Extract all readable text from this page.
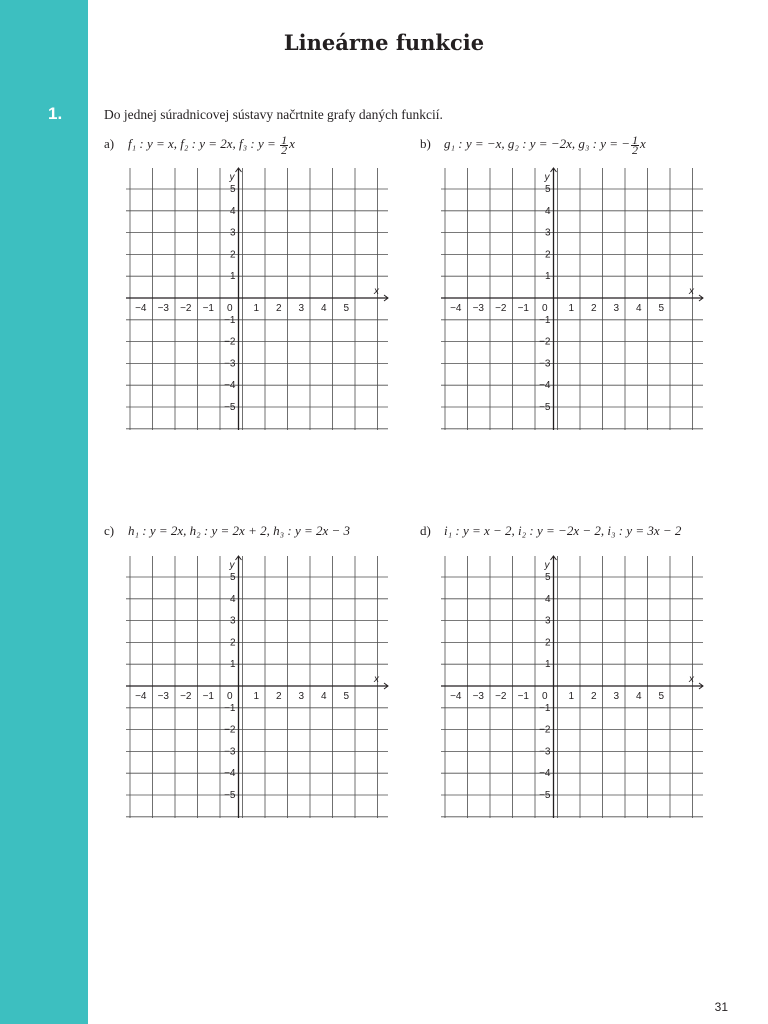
Lineárne funkcie
1.	Do jednej súradnicovej sústavy načrtnite grafy daných funkcií.
a) f₁ : y = x, f₂ : y = 2x, f₃ : $y = \frac{1}{2}$ x	b) g₁ : y = −x, g₂ : y = −2x, g₃ : y = − $\frac{1}{2}$ x
c) h₁ : y = 2x, h₂ : y = 2x + 2, h₃ : y = 2x − 3	d) i₁ : y = x − 2, i₂ : y = −2x − 2, i₃ : y = 3x − 2
x
y
−4 −3 −2 −1 0 1 2 3 4 5
5
4
3
2
1
−1
−2
−3
−4
−5
x
y
−4 −3 −2 −1 0 1 2 3 4 5
5
4
3
2
1
−1
−2
−3
−4
−5
x
y
−4 −3 −2 −1 0 1 2 3 4 5
5
4
3
2
1
−1
−2
−3
−4
−5
x
y
−4 −3 −2 −1 0 1 2 3 4 5
5
4
3
2
1
−1
−2
−3
−4
−5
31
